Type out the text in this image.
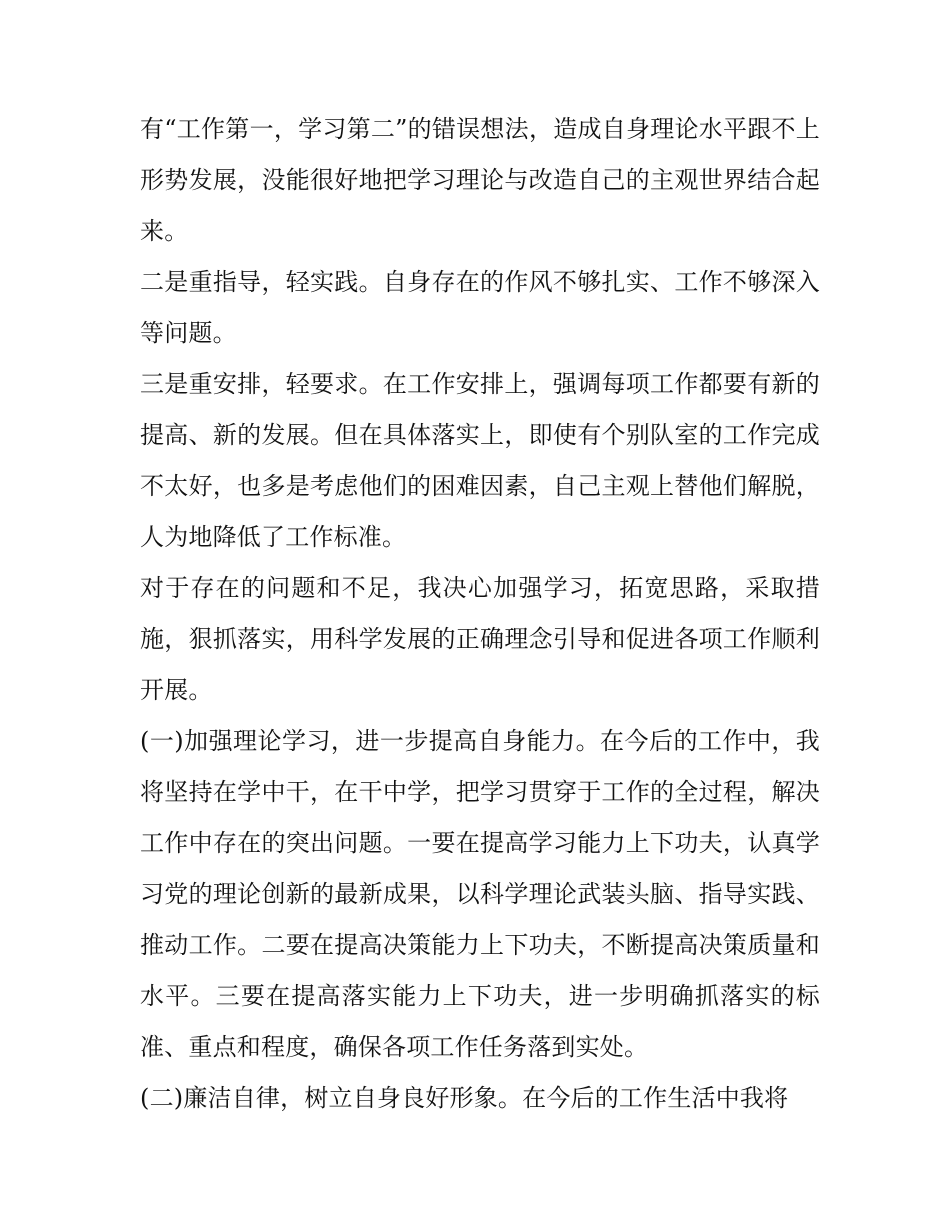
有“工作第一，学习第二”的错误想法，造成自身理论水平跟不上形势发展，没能很好地把学习理论与改造自己的主观世界结合起来。

二是重指导，轻实践。自身存在的作风不够扎实、工作不够深入等问题。

三是重安排，轻要求。在工作安排上，强调每项工作都要有新的提高、新的发展。但在具体落实上，即使有个别队室的工作完成不太好，也多是考虑他们的困难因素，自己主观上替他们解脱，人为地降低了工作标准。

对于存在的问题和不足，我决心加强学习，拓宽思路，采取措施，狠抓落实，用科学发展的正确理念引导和促进各项工作顺利开展。

(一)加强理论学习，进一步提高自身能力。在今后的工作中，我将坚持在学中干，在干中学，把学习贯穿于工作的全过程，解决工作中存在的突出问题。一要在提高学习能力上下功夫，认真学习党的理论创新的最新成果，以科学理论武装头脑、指导实践、推动工作。二要在提高决策能力上下功夫，不断提高决策质量和水平。三要在提高落实能力上下功夫，进一步明确抓落实的标准、重点和程度，确保各项工作任务落到实处。

(二)廉洁自律，树立自身良好形象。在今后的工作生活中我将
